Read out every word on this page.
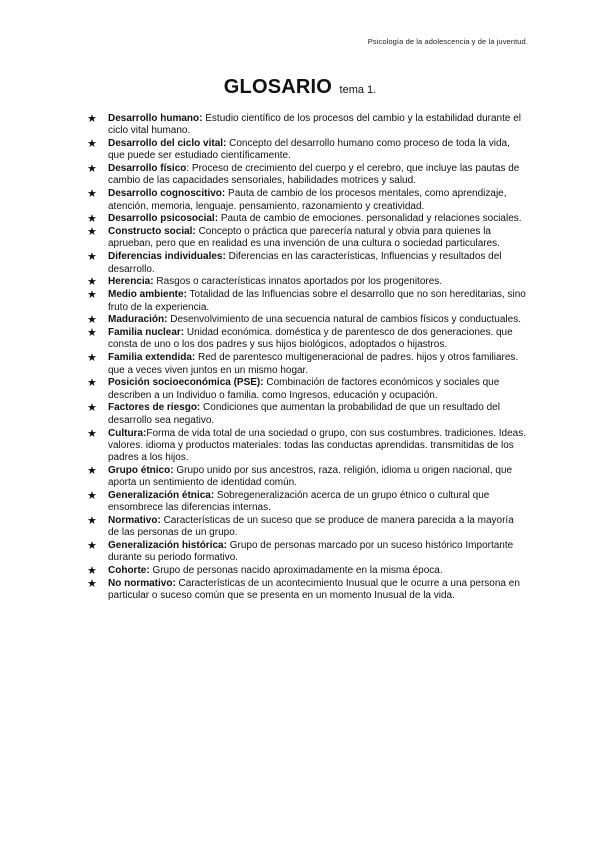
Psicología de la adolescencia y de la juventud.
GLOSARIO tema 1.
★ Desarrollo humano: Estudio científico de los procesos del cambio y la estabilidad durante el ciclo vital humano.
★ Desarrollo del ciclo vital: Concepto del desarrollo humano como proceso de toda la vida, que puede ser estudiado científicamente.
★ Desarrollo físico: Proceso de crecimiento del cuerpo y el cerebro, que incluye las pautas de cambio de las capacidades sensoriales, habilidades motrices y salud.
★ Desarrollo cognoscitivo: Pauta de cambio de los procesos mentales, como aprendizaje, atención, memoria, lenguaje. pensamiento, razonamiento y creatividad.
★ Desarrollo psicosocial: Pauta de cambio de emociones. personalidad y relaciones sociales.
★ Constructo social: Concepto o práctica que parecería natural y obvia para quienes la aprueban, pero que en realidad es una invención de una cultura o sociedad particulares.
★ Diferencias individuales: Diferencias en las características, Influencias y resultados del desarrollo.
★ Herencia: Rasgos o características innatos aportados por los progenitores.
★ Medio ambiente: Totalidad de las Influencias sobre el desarrollo que no son hereditarias, sino fruto de la experiencia.
★ Maduración: Desenvolvimiento de una secuencia natural de cambios físicos y conductuales.
★ Familia nuclear: Unidad económica. doméstica y de parentesco de dos generaciones. que consta de uno o los dos padres y sus hijos biológicos, adoptados o hijastros.
★ Familia extendida: Red de parentesco multigeneracional de padres. hijos y otros familiares. que a veces viven juntos en un mismo hogar.
★ Posición socioeconómica (PSE): Combinación de factores económicos y sociales que describen a un Individuo o familia. como Ingresos, educación y ocupación.
★ Factores de riesgo: Condiciones que aumentan la probabilidad de que un resultado del desarrollo sea negativo.
★ Cultura:Forma de vida total de una sociedad o grupo, con sus costumbres. tradiciones. Ideas. valores. idioma y productos materiales: todas las conductas aprendidas. transmitidas de los padres a los hijos.
★ Grupo étnico: Grupo unido por sus ancestros, raza. religión, idioma u origen nacional, que aporta un sentimiento de identidad común.
★ Generalización étnica: Sobregeneralización acerca de un grupo étnico o cultural que ensombrece las diferencias internas.
★ Normativo: Características de un suceso que se produce de manera parecida a la mayoría de las personas de un grupo.
★ Generalización histórica: Grupo de personas marcado por un suceso histórico Importante durante su periodo formativo.
★ Cohorte: Grupo de personas nacido aproximadamente en la misma época.
★ No normativo: Características de un acontecimiento Inusual que le ocurre a una persona en particular o suceso común que se presenta en un momento Inusual de la vida.
